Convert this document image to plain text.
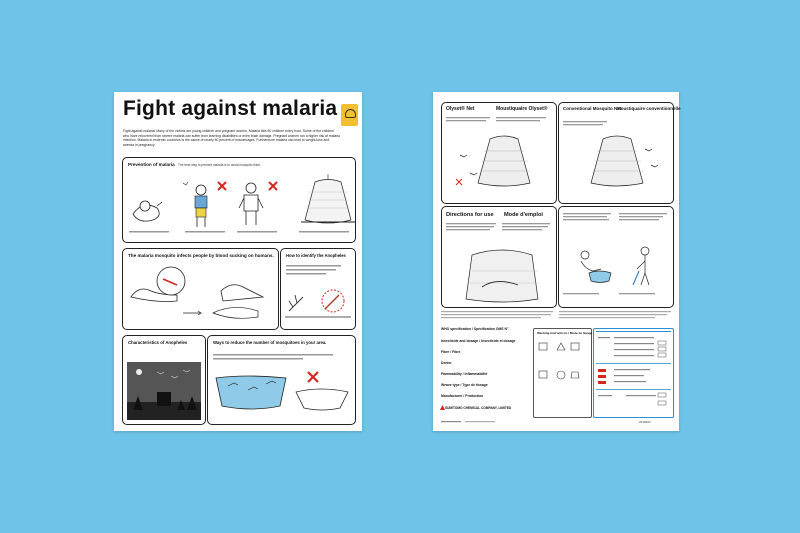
Fight against malaria
Fight against malaria! Many of the victims are young children and pregnant women. Malaria kills 50 children every hour. Some of the children who have recovered from severe malaria can suffer from learning disabilities or even brain damage. Pregnant women run a higher risk of malaria infection. Malaria in endemic countries is the cause of nearly 50 percent of miscarriages. Furthermore malaria can lead to weight-loss and anemia in pregnancy.
Prevention of malaria The best way to prevent malaria is to avoid mosquito bites.
The malaria mosquito infects people by blood sucking on humans.	How to identify the Anopheles
Characteristics of Anopheles	Ways to reduce the number of mosquitoes in your area.
Olyset® Net	Moustiquaire Olyset®	Conventional Mosquito Net
Moustiquaire conventionnelle
Directions for use Mode d'emploi
WHO specification / Spécification OMS N°
Insecticide and dosage / Insecticide et dosage
Fibre / Fibre
Denier
Flammability / Inflammabilité
Weave type / Type de tissage
Manufacturer / Production
SUMITOMO CHEMICAL COMPANY, LIMITED
Washing Instructions / Mode de lavage
2619303
